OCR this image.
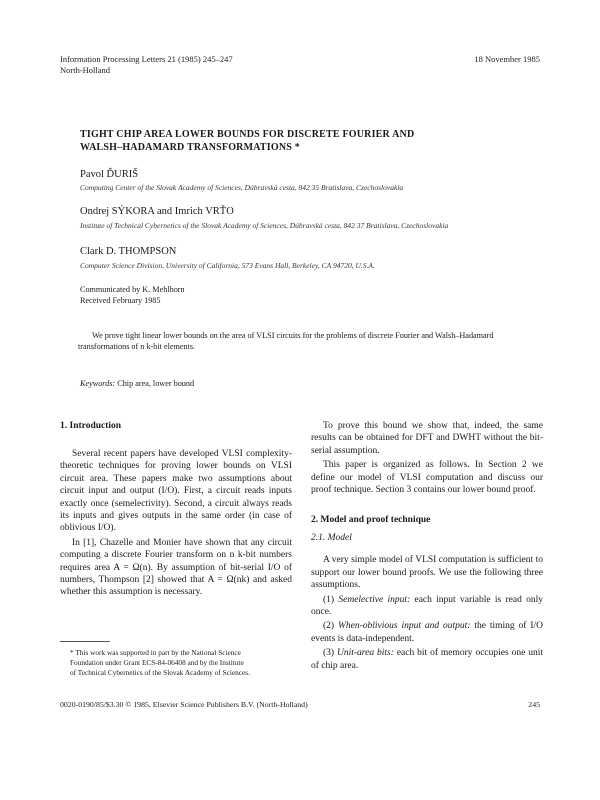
Information Processing Letters 21 (1985) 245–247
North-Holland
18 November 1985
TIGHT CHIP AREA LOWER BOUNDS FOR DISCRETE FOURIER AND
WALSH–HADAMARD TRANSFORMATIONS *
Pavol ĎURIŠ
Computing Center of the Slovak Academy of Sciences, Dúbravská cesta, 842 35 Bratislava, Czechoslovakia
Ondrej SÝKORA and Imrich VRŤO
Institute of Technical Cybernetics of the Slovak Academy of Sciences, Dúbravská cesta, 842 37 Bratislava, Czechoslovakia
Clark D. THOMPSON
Computer Science Division, University of California, 573 Evans Hall, Berkeley, CA 94720, U.S.A.
Communicated by K. Mehlhorn
Received February 1985
We prove tight linear lower bounds on the area of VLSI circuits for the problems of discrete Fourier and Walsh–Hadamard transformations of n k-bit elements.
Keywords: Chip area, lower bound
1. Introduction

Several recent papers have developed VLSI complexity-theoretic techniques for proving lower bounds on VLSI circuit area. These papers make two assumptions about circuit input and output (I/O). First, a circuit reads inputs exactly once (semelectivity). Second, a circuit always reads its inputs and gives outputs in the same order (in case of oblivious I/O).

In [1], Chazelle and Monier have shown that any circuit computing a discrete Fourier transform on n k-bit numbers requires area A = Ω(n). By assumption of bit-serial I/O of numbers, Thompson [2] showed that A = Ω(nk) and asked whether this assumption is necessary.

To prove this bound we show that, indeed, the same results can be obtained for DFT and DWHT without the bit-serial assumption.

This paper is organized as follows. In Section 2 we define our model of VLSI computation and discuss our proof technique. Section 3 contains our lower bound proof.

2. Model and proof technique
2.1. Model

A very simple model of VLSI computation is sufficient to support our lower bound proofs. We use the following three assumptions.

(1) Semelective input: each input variable is read only once.

(2) When-oblivious input and output: the timing of I/O events is data-independent.

(3) Unit-area bits: each bit of memory occupies one unit of chip area.

* This work was supported in part by the National Science
Foundation under Grant ECS-84-06408 and by the Institute
of Technical Cybernetics of the Slovak Academy of Sciences.
0020-0190/85/$3.30 © 1985, Elsevier Science Publishers B.V. (North-Holland)	245
